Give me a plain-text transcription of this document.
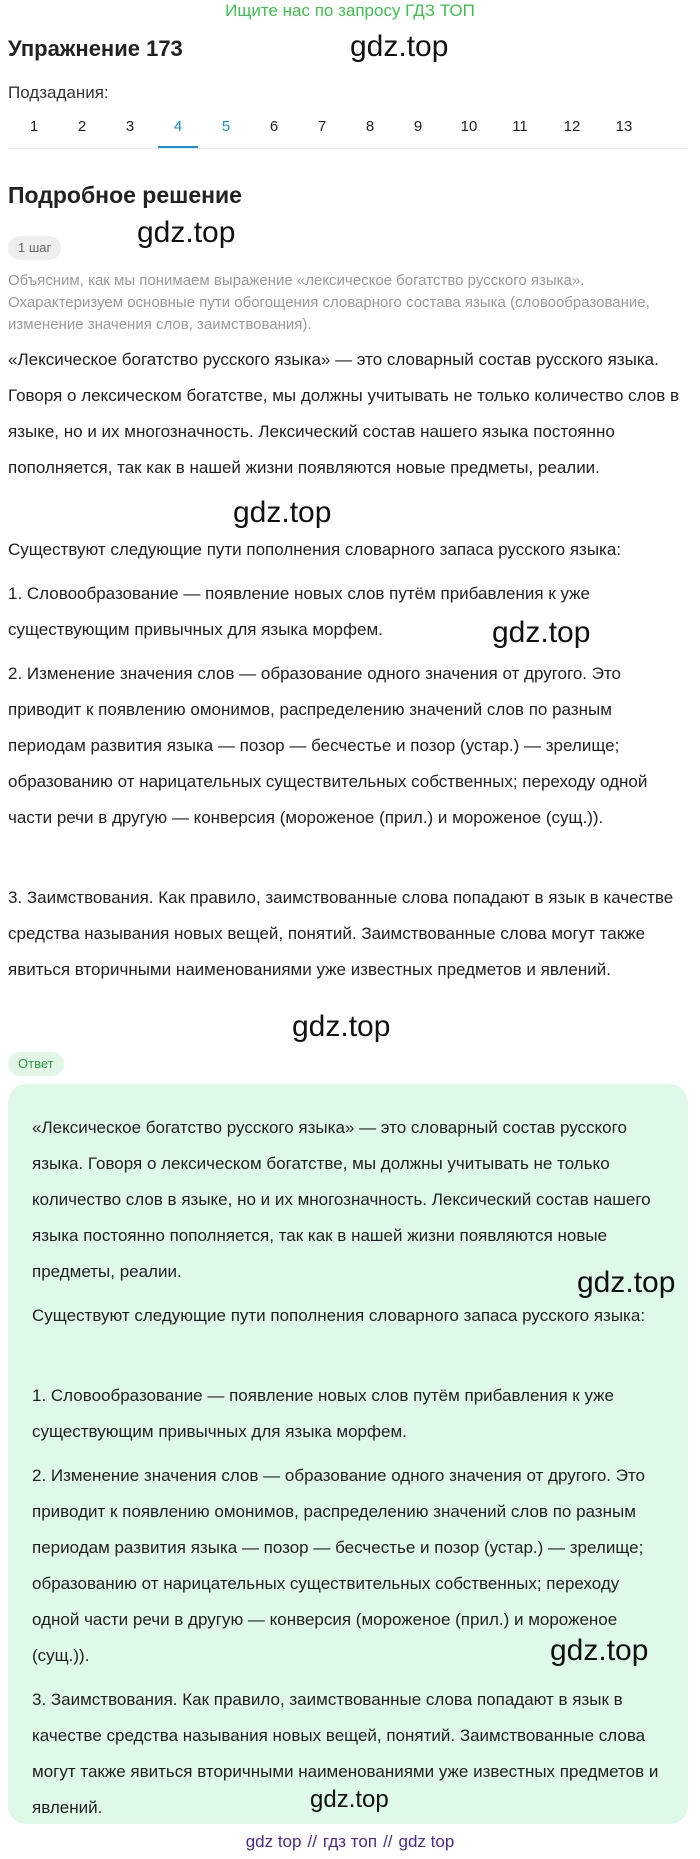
Ищите нас по запросу ГДЗ ТОП
Упражнение 173	gdz.top
Подзадания:
1	2	3	4	5	6	7	8	9	10	11	12	13
Подробное решение
1 шаг	gdz.top
Объясним, как мы понимаем выражение «лексическое богатство русского языка». Охарактеризуем основные пути обогощения словарного состава языка (словообразование, изменение значения слов, заимствования).
«Лексическое богатство русского языка» — это словарный состав русского языка. Говоря о лексическом богатстве, мы должны учитывать не только количество слов в языке, но и их многозначность. Лексический состав нашего языка постоянно пополняется, так как в нашей жизни появляются новые предметы, реалии.
gdz.top
Существуют следующие пути пополнения словарного запаса русского языка:
1. Словообразование — появление новых слов путём прибавления к уже существующим привычных для языка морфем.	gdz.top
2. Изменение значения слов — образование одного значения от другого. Это приводит к появлению омонимов, распределению значений слов по разным периодам развития языка — позор — бесчестье и позор (устар.) — зрелище; образованию от нарицательных существительных собственных; переходу одной части речи в другую — конверсия (мороженое (прил.) и мороженое (сущ.)).
3. Заимствования. Как правило, заимствованные слова попадают в язык в качестве средства называния новых вещей, понятий. Заимствованные слова могут также явиться вторичными наименованиями уже известных предметов и явлений.
gdz.top
Ответ
«Лексическое богатство русского языка» — это словарный состав русского языка. Говоря о лексическом богатстве, мы должны учитывать не только количество слов в языке, но и их многозначность. Лексический состав нашего языка постоянно пополняется, так как в нашей жизни появляются новые предметы, реалии.	gdz.top
Существуют следующие пути пополнения словарного запаса русского языка:
1. Словообразование — появление новых слов путём прибавления к уже существующим привычных для языка морфем.
2. Изменение значения слов — образование одного значения от другого. Это приводит к появлению омонимов, распределению значений слов по разным периодам развития языка — позор — бесчестье и позор (устар.) — зрелище; образованию от нарицательных существительных собственных; переходу одной части речи в другую — конверсия (мороженое (прил.) и мороженое (сущ.)).	gdz.top
3. Заимствования. Как правило, заимствованные слова попадают в язык в качестве средства называния новых вещей, понятий. Заимствованные слова могут также явиться вторичными наименованиями уже известных предметов и явлений.	gdz.top
gdz top // гдз топ // gdz top
